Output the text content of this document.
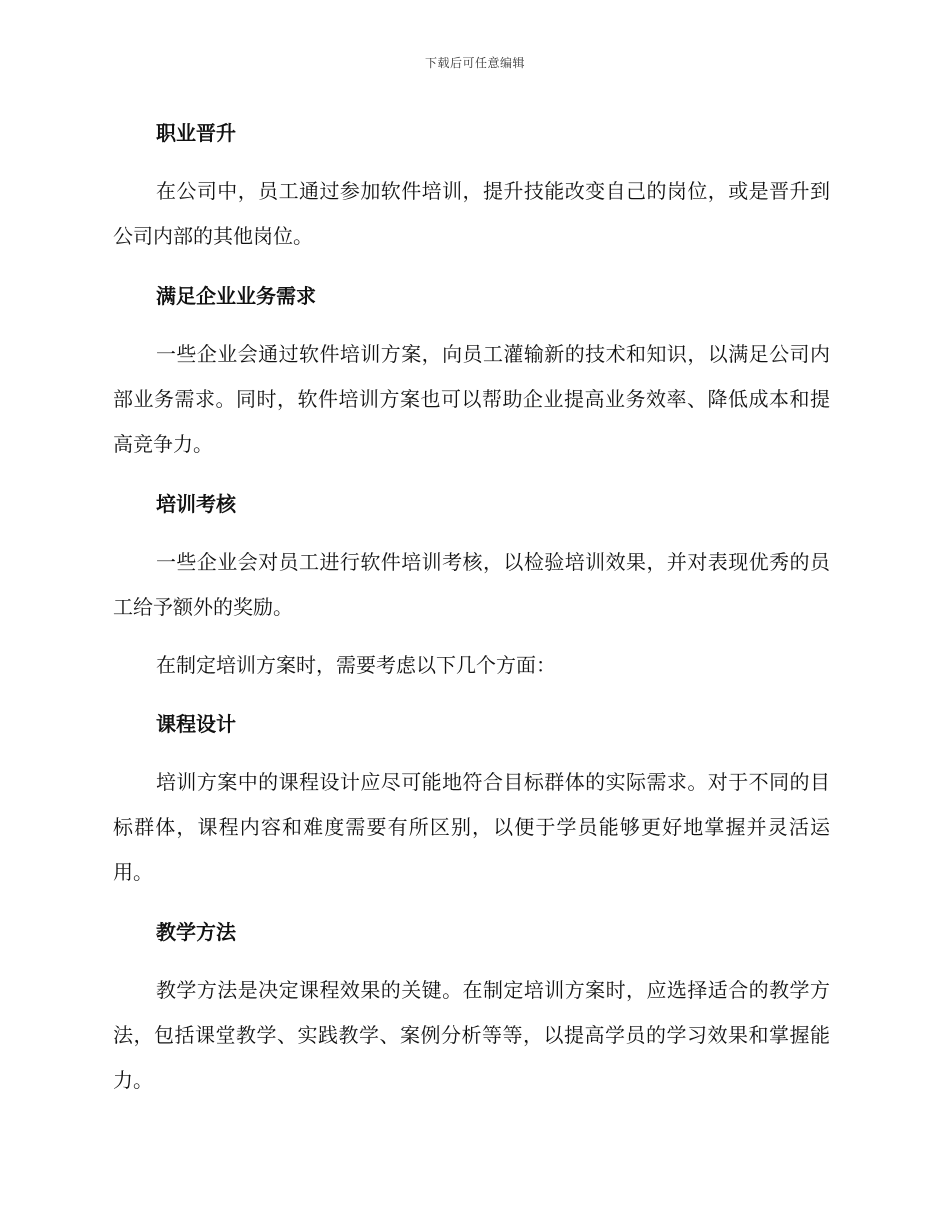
下载后可任意编辑
职业晋升

在公司中，员工通过参加软件培训，提升技能改变自己的岗位，或是晋升到公司内部的其他岗位。

满足企业业务需求

一些企业会通过软件培训方案，向员工灌输新的技术和知识，以满足公司内部业务需求。同时，软件培训方案也可以帮助企业提高业务效率、降低成本和提高竞争力。

培训考核

一些企业会对员工进行软件培训考核，以检验培训效果，并对表现优秀的员工给予额外的奖励。

在制定培训方案时，需要考虑以下几个方面：

课程设计

培训方案中的课程设计应尽可能地符合目标群体的实际需求。对于不同的目标群体，课程内容和难度需要有所区别，以便于学员能够更好地掌握并灵活运用。

教学方法

教学方法是决定课程效果的关键。在制定培训方案时，应选择适合的教学方法，包括课堂教学、实践教学、案例分析等等，以提高学员的学习效果和掌握能力。
